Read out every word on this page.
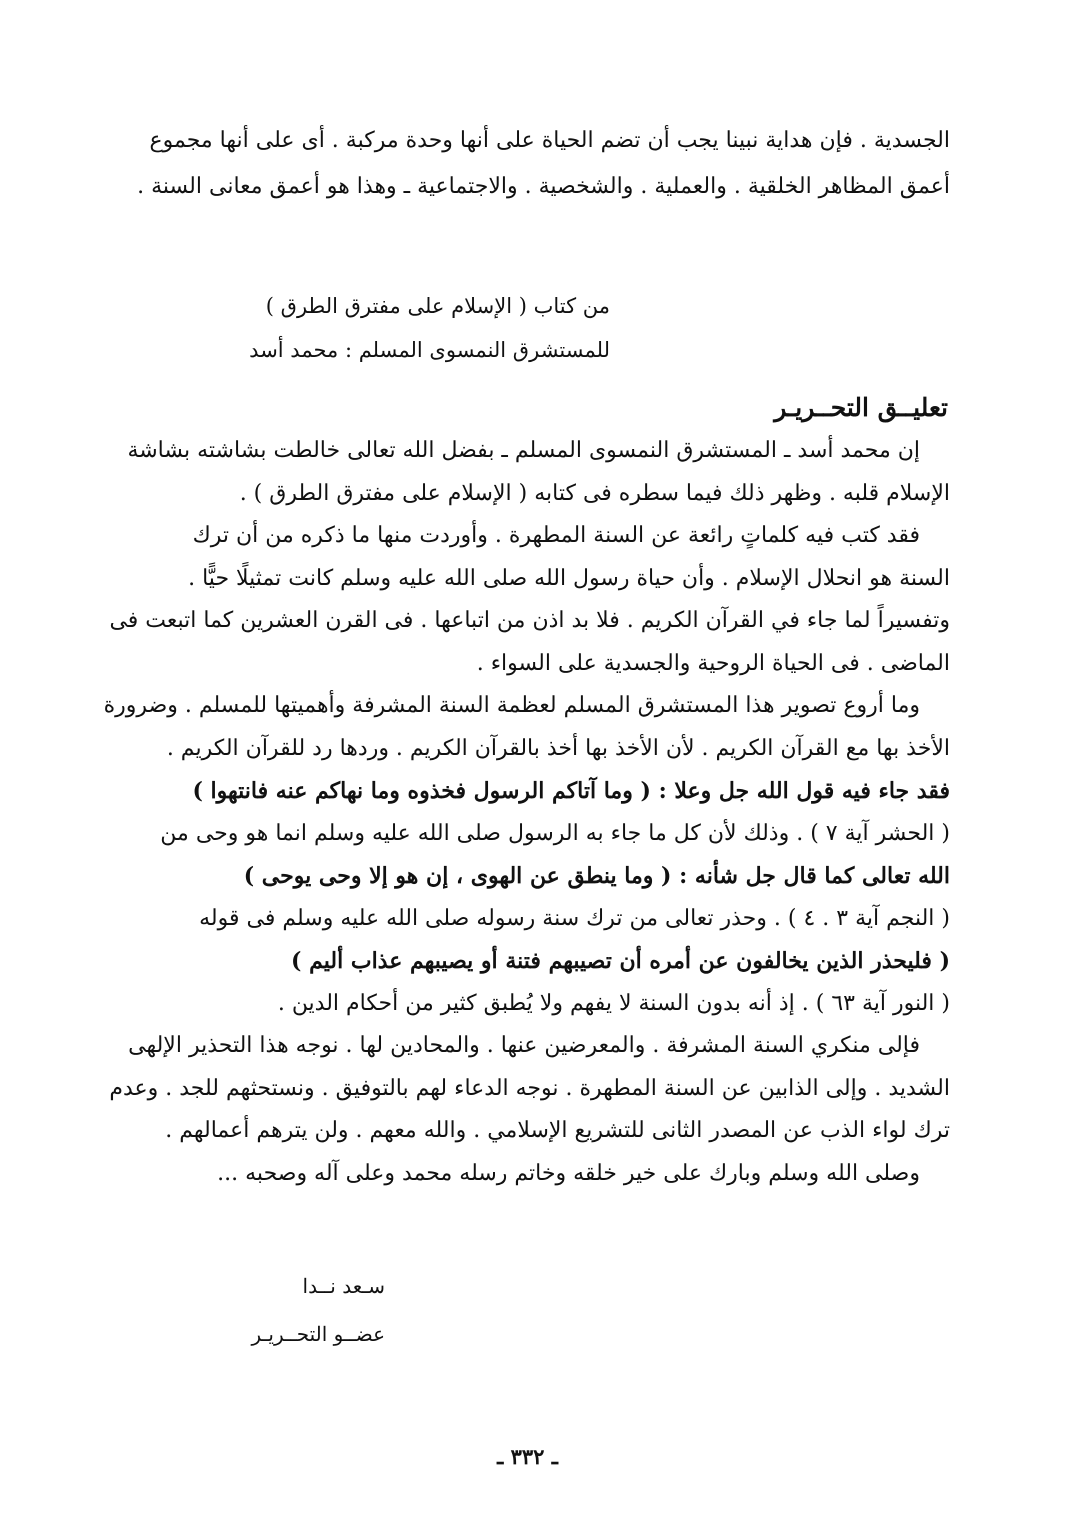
الجسدية . فإن هداية نبينا يجب أن تضم الحياة على أنها وحدة مركبة . أى على أنها مجموع
أعمق المظاهر الخلقية . والعملية . والشخصية . والاجتماعية ـ وهذا هو أعمق معانى السنة .
من كتاب ( الإسلام على مفترق الطرق )
للمستشرق النمسوى المسلم : محمد أسد
تعليــق التحــريـر
إن محمد أسد ـ المستشرق النمسوى المسلم ـ بفضل الله تعالى خالطت بشاشته بشاشة
الإسلام قلبه . وظهر ذلك فيما سطره فى كتابه ( الإسلام على مفترق الطرق ) .
فقد كتب فيه كلماتٍ رائعة عن السنة المطهرة . وأوردت منها ما ذكره من أن ترك
السنة هو انحلال الإسلام . وأن حياة رسول الله صلى الله عليه وسلم كانت تمثيلًا حيًّا .
وتفسيراً لما جاء في القرآن الكريم . فلا بد اذن من اتباعها . فى القرن العشرين كما اتبعت فى
الماضى . فى الحياة الروحية والجسدية على السواء .
وما أروع تصوير هذا المستشرق المسلم لعظمة السنة المشرفة وأهميتها للمسلم . وضرورة
الأخذ بها مع القرآن الكريم . لأن الأخذ بها أخذ بالقرآن الكريم . وردها رد للقرآن الكريم .
فقد جاء فيه قول الله جل وعلا : ( وما آتاكم الرسول فخذوه وما نهاكم عنه فانتهوا )
( الحشر آية ٧ ) . وذلك لأن كل ما جاء به الرسول صلى الله عليه وسلم انما هو وحى من
الله تعالى كما قال جل شأنه : ( وما ينطق عن الهوى ، إن هو إلا وحى يوحى )
( النجم آية ٣ . ٤ ) . وحذر تعالى من ترك سنة رسوله صلى الله عليه وسلم فى قوله
( فليحذر الذين يخالفون عن أمره أن تصيبهم فتنة أو يصيبهم عذاب أليم )
( النور آية ٦٣ ) . إذ أنه بدون السنة لا يفهم ولا يُطبق كثير من أحكام الدين .
فإلى منكري السنة المشرفة . والمعرضين عنها . والمحادين لها . نوجه هذا التحذير الإلهى
الشديد . وإلى الذابين عن السنة المطهرة . نوجه الدعاء لهم بالتوفيق . ونستحثهم للجد . وعدم
ترك لواء الذب عن المصدر الثانى للتشريع الإسلامي . والله معهم . ولن يترهم أعمالهم .
وصلى الله وسلم وبارك على خير خلقه وخاتم رسله محمد وعلى آله وصحبه ...
سـعد نــدا
عضــو التحــريـر
ـ ٣٣٢ ـ
